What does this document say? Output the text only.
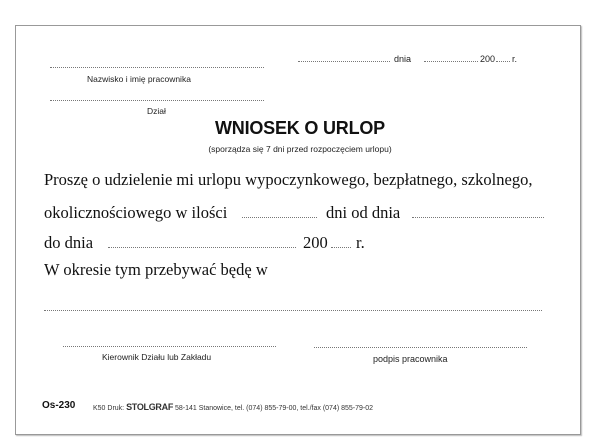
Nazwisko i imię pracownika
dnia	200 r.
Dział
WNIOSEK O URLOP
(sporządza się 7 dni przed rozpoczęciem urlopu)
Proszę o udzielenie mi urlopu wypoczynkowego, bezpłatnego, szkolnego,
okolicznościowego w ilości	dni od dnia
do dnia	200 r.
W okresie tym przebywać będę w
Kierownik Działu lub Zakładu	podpis pracownika
Os-230	K50 Druk: STOLGRAF 58-141 Stanowice, tel. (074) 855-79-00, tel./fax (074) 855-79-02
